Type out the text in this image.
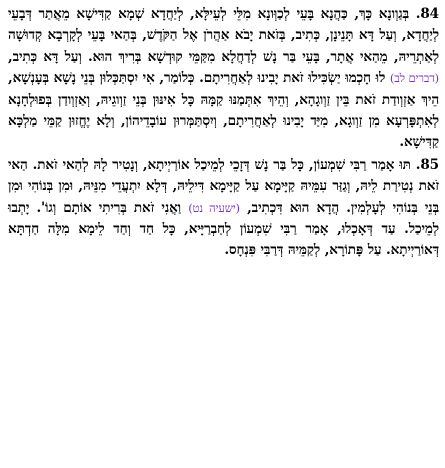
84. בְּגַוְונָא כָּךְ, כַּהֲנָא בָּעֵי לְכַוְּונָא מִלֵּי לְעֵילָּא, לְיַחֲדָא שְׁמָא קַדִּישָׁא מֵאֲתַר דְּבָעֵי לְיַחֲדָא, וְעַל דָּא תָּנֵינָן, כְּתִיב, בְּזֹאת יָבֹא אַהֲרֹן אֶל הַקֹּדֶשׁ, בְּהַאי בָּעֵי לְקָרְבָא קְדוּשָׁה לְאַתְרֵיהּ, מֵהַאי אֲתָר, בָּעֵי בַּר נָשׁ לְדַחֲלָא מִקַּמֵּי קוּדְשָׁא בְּרִיךְ הוּא. וְעַל דָּא כְּתִיב, (דברים לב) לוּ חָכְמוּ יַשְׂכִּילוּ זֹאת יָבִינוּ לְאַחֲרִיתָם. כְּלוֹמַר, אִי יִסְתַּכְּלוּן בְּנֵי נָשָׁא בְּעָנְשָׁא, הֵיךְ אַזְוְודַת זֹאת בֵּין זַוְוגָהָא, וְהֵיךְ אִתְּמַנּוּ קַמָּהּ כָּל אִינּוּן בְּנֵי זַוְוגֵיהּ, וְאַזְוְודַן בְּפוּלְחָנָא לְאִתְפָּרְעָא מִן זַוְוגָא, מִיַּד יָבִינוּ לְאַחֲרִיתָם, וְיִסְתַּמְּרוּן עוֹבָדֵיהוֹן, וְלָא יֶחֱזוּן קַמֵּי מַלְכָּא קַדִּישָׁא.

85. תּוּ אָמַר רַבִּי שִׁמְעוֹן, כָּל בַּר נָשׁ דְּזָכֵי לְמֵיכַל אוֹרַיְיתָא, וְנָטִיר לָהּ לְהַאי זֹאת. הַאי זֹאת נְטִירַת לֵיהּ, וְגַזַּר עִמֵּיהּ קַיָּימָא עַל קַיָּימָא דִּילֵיהּ, דְּלָא יִתְעֲדֵי מִנֵּיהּ, וּמִן בְּנוֹהִי וּמִן בְּנֵי בְּנוֹהִי לְעָלְמִין. הֲדָא הוּא דִּכְתִיב, (ישעיה נט) וַאֲנִי זֹאת בְּרִיתִי אוֹתָם וְגוֹ'. יָתְבוּ לְמֵיכַל. עַד דְּאָכְלוּ, אָמַר רַבִּי שִׁמְעוֹן לְחַבְרַיָּיא, כָּל חַד וְחַד לֵימָא מִלָּה חַדְתָּא דְּאוֹרַיְיתָא. עַל פָּתוֹרָא, לְקַמֵּיהּ דְּרַבִּי פִּנְחָס.
